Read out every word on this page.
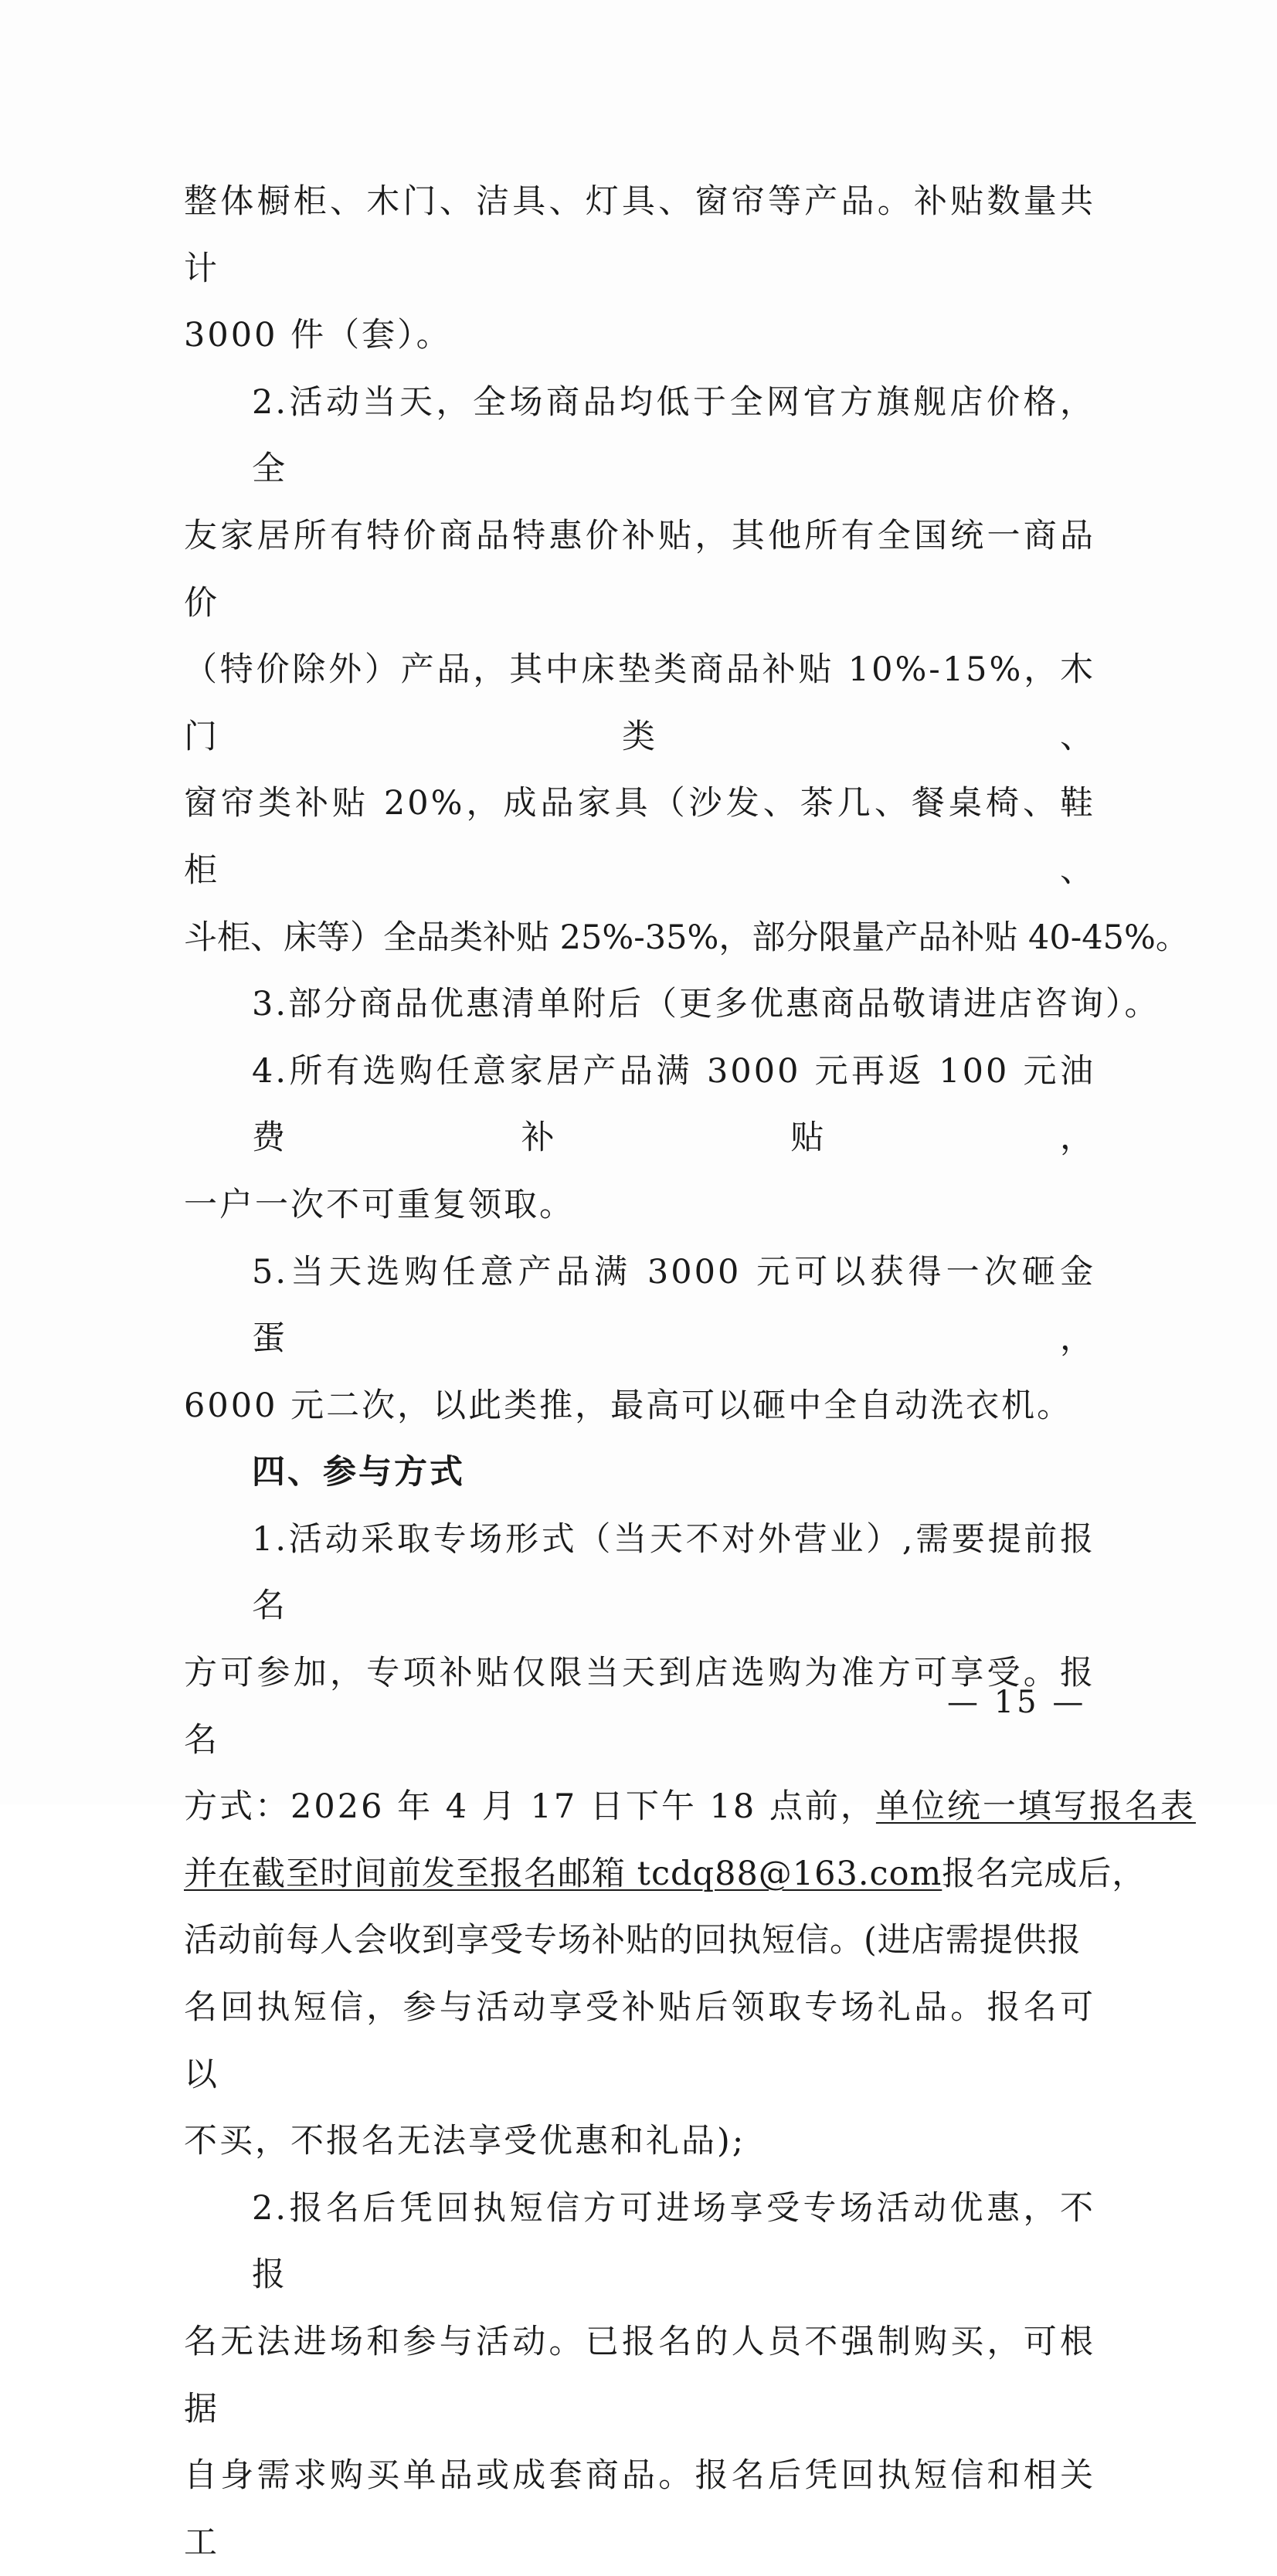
整体橱柜、木门、洁具、灯具、窗帘等产品。补贴数量共计
3000 件（套）。

2.活动当天，全场商品均低于全网官方旗舰店价格，全
友家居所有特价商品特惠价补贴，其他所有全国统一商品价
（特价除外）产品，其中床垫类商品补贴 10%-15%，木门类、
窗帘类补贴 20%，成品家具（沙发、茶几、餐桌椅、鞋柜、
斗柜、床等）全品类补贴 25%-35%，部分限量产品补贴 40-45%。

3.部分商品优惠清单附后（更多优惠商品敬请进店咨询）。

4.所有选购任意家居产品满 3000 元再返 100 元油费补贴，
一户一次不可重复领取。

5.当天选购任意产品满 3000 元可以获得一次砸金蛋，
6000 元二次，以此类推，最高可以砸中全自动洗衣机。

四、参与方式

1.活动采取专场形式（当天不对外营业）,需要提前报名
方可参加，专项补贴仅限当天到店选购为准方可享受。报名
方式：2026 年 4 月 17 日下午 18 点前，单位统一填写报名表
并在截至时间前发至报名邮箱 tcdq88@163.com报名完成后，
活动前每人会收到享受专场补贴的回执短信。(进店需提供报
名回执短信，参与活动享受补贴后领取专场礼品。报名可以
不买，不报名无法享受优惠和礼品);

2.报名后凭回执短信方可进场享受专场活动优惠，不报
名无法进场和参与活动。已报名的人员不强制购买，可根据
自身需求购买单品或成套商品。报名后凭回执短信和相关工

— 15 —
